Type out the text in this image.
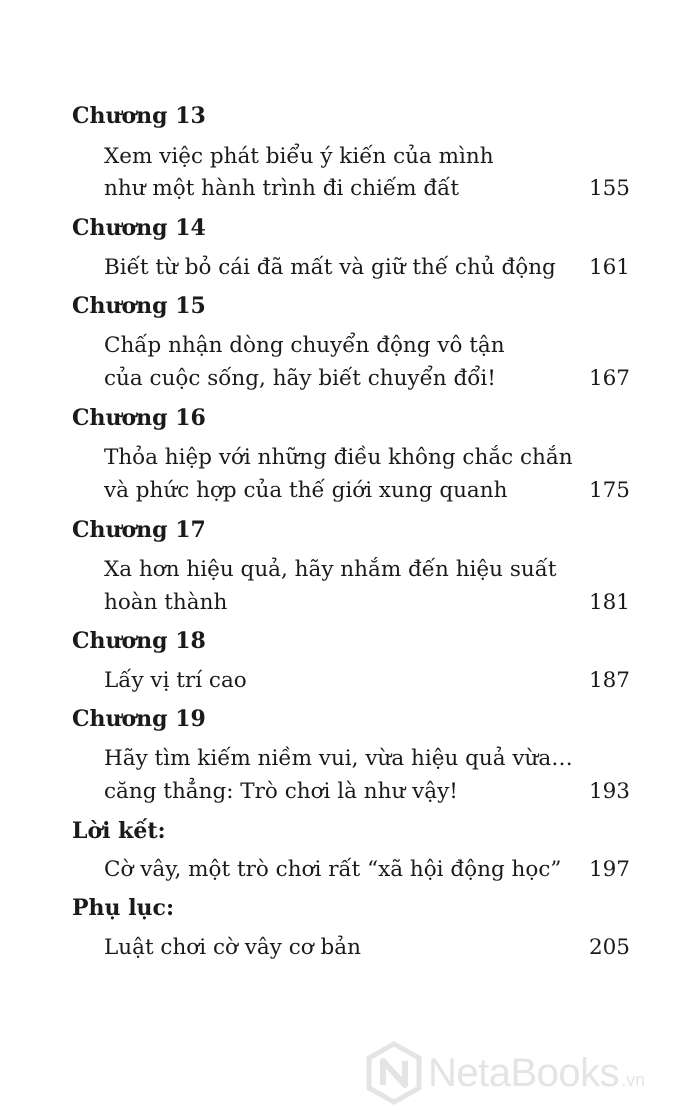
Chương 13
Xem việc phát biểu ý kiến của mình
như một hành trình đi chiếm đất	155
Chương 14
Biết từ bỏ cái đã mất và giữ thế chủ động 161
Chương 15
Chấp nhận dòng chuyển động vô tận
của cuộc sống, hãy biết chuyển đổi!	167
Chương 16
Thỏa hiệp với những điều không chắc chắn
và phức hợp của thế giới xung quanh	175
Chương 17
Xa hơn hiệu quả, hãy nhắm đến hiệu suất
hoàn thành	181
Chương 18
Lấy vị trí cao	187
Chương 19
Hãy tìm kiếm niềm vui, vừa hiệu quả vừa…
căng thẳng: Trò chơi là như vậy!	193
Lời kết:
Cờ vây, một trò chơi rất “xã hội động học” 197
Phụ lục:
Luật chơi cờ vây cơ bản	205
NetaBooks .vn
